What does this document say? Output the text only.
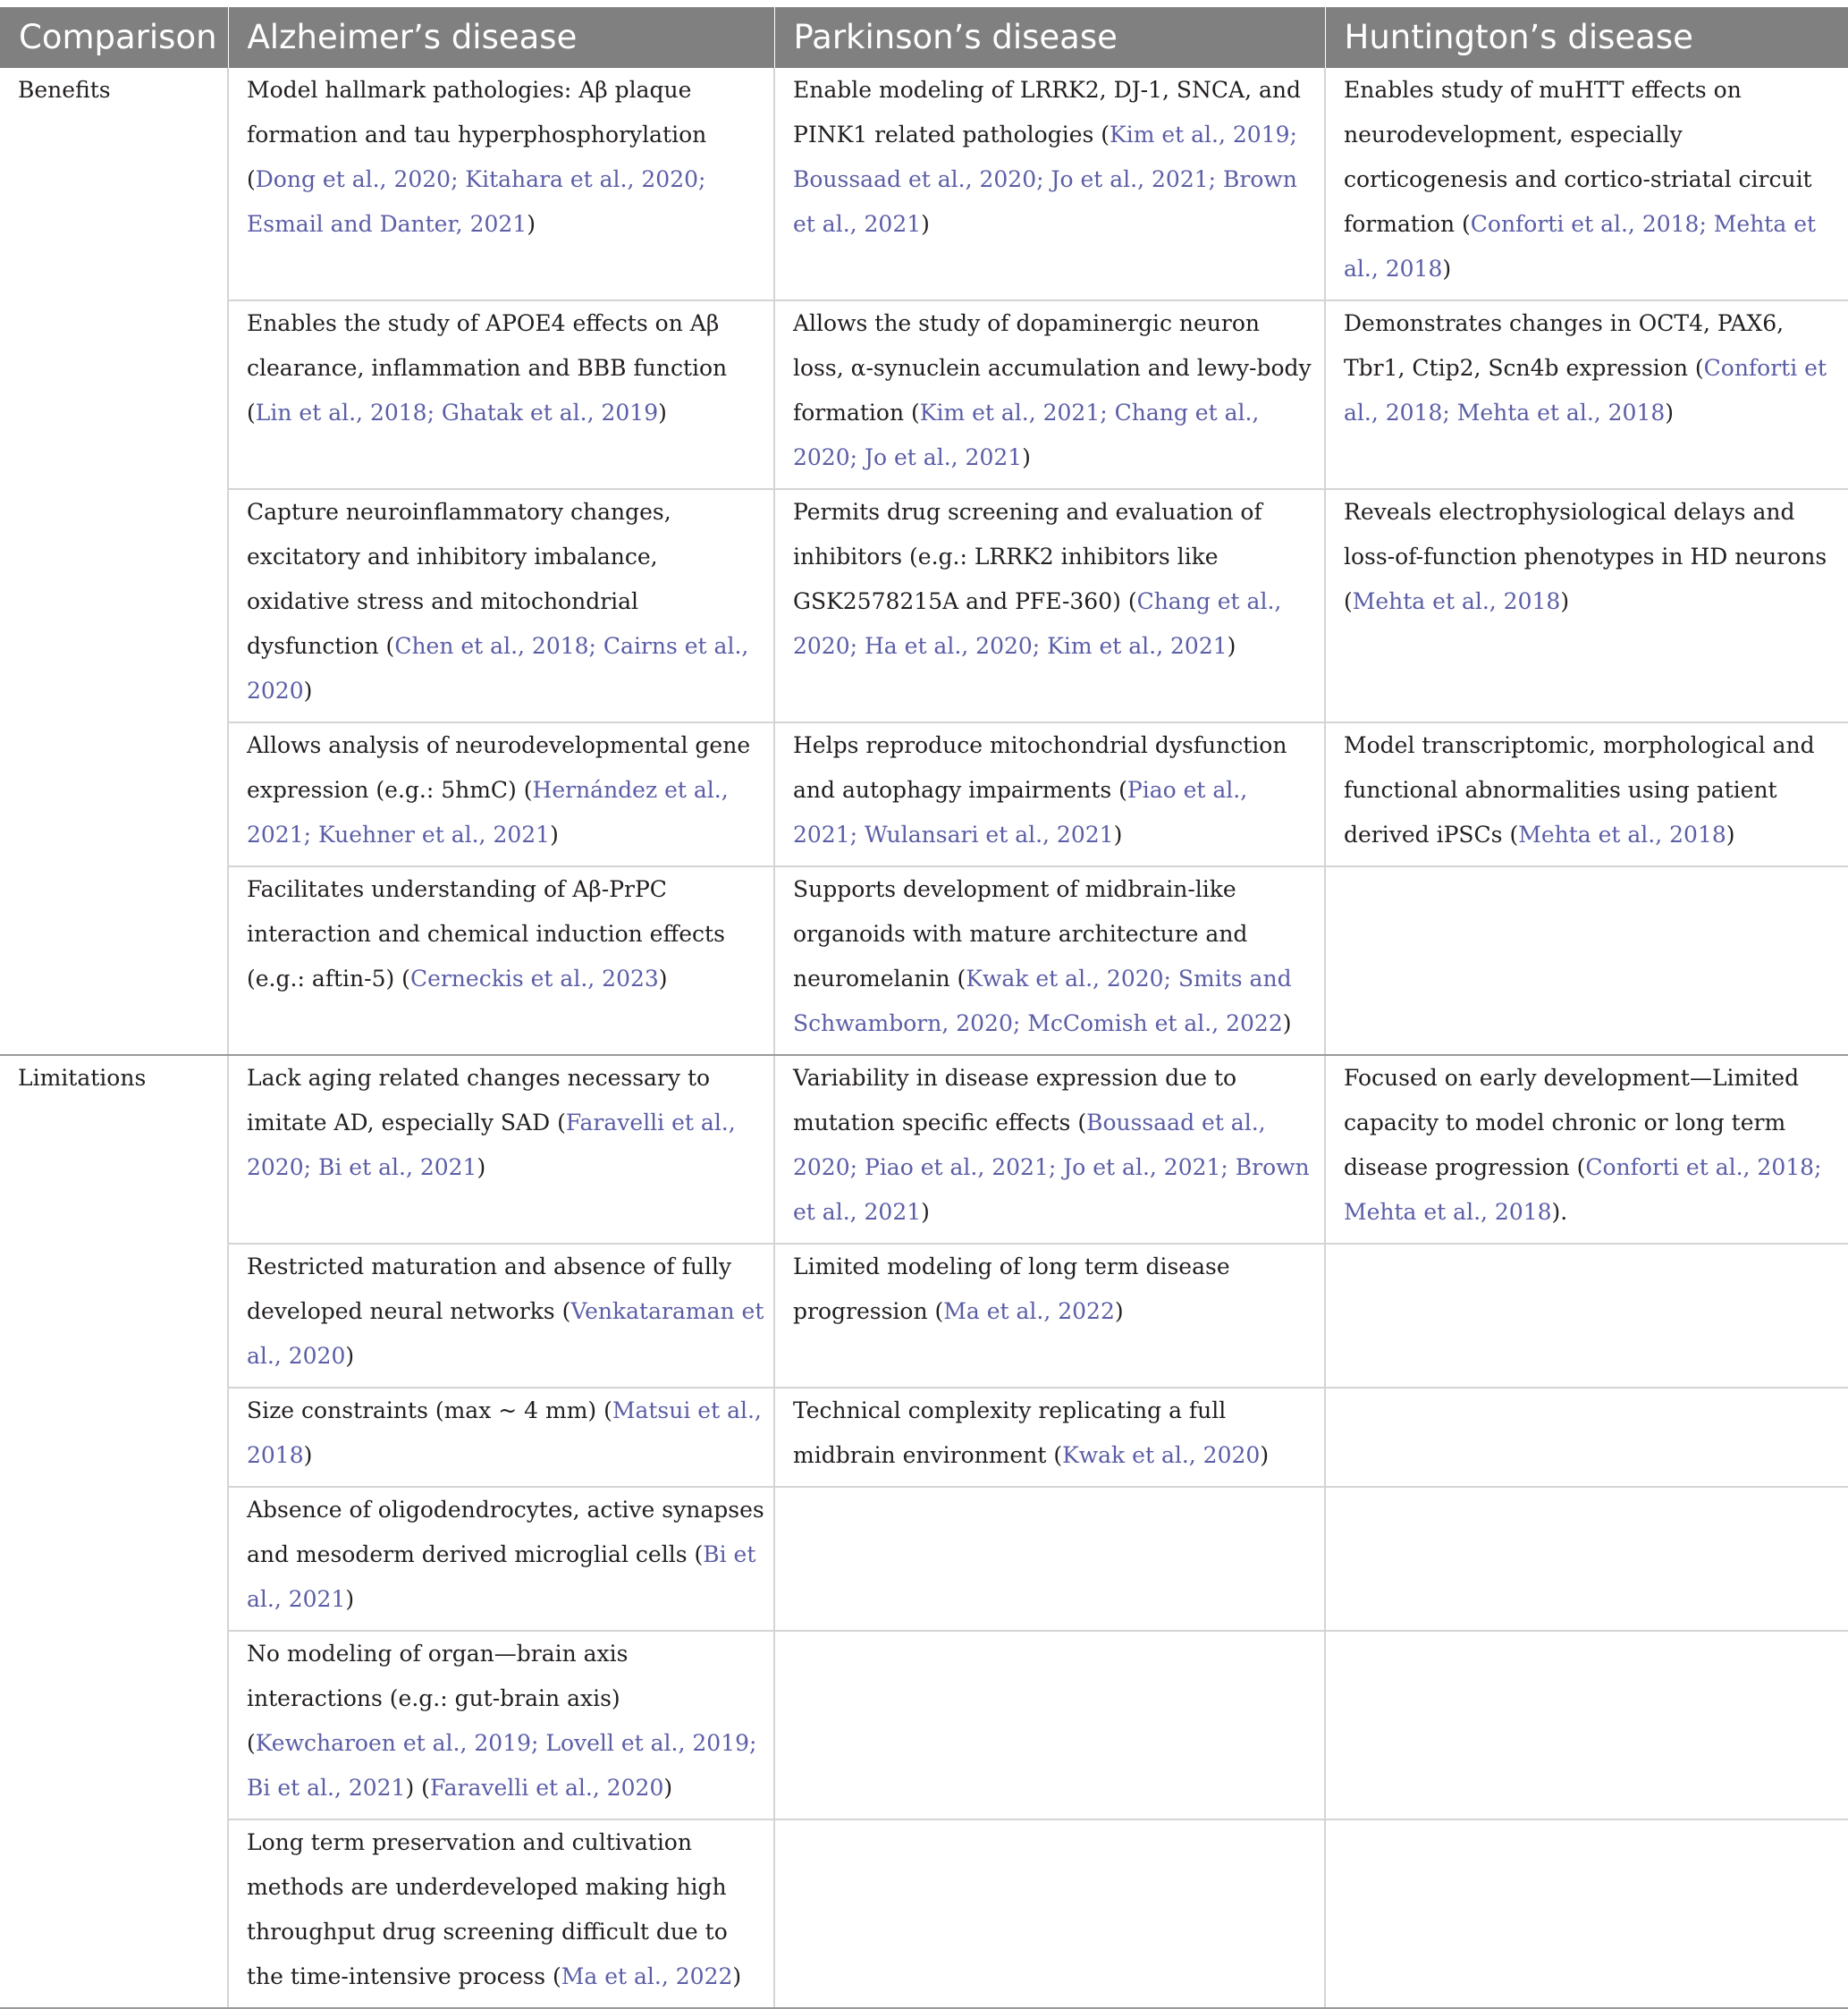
Comparison	Alzheimer’s disease	Parkinson’s disease	Huntington’s disease
Benefits	Model hallmark pathologies: Aβ plaque formation and tau hyperphosphorylation (Dong et al., 2020; Kitahara et al., 2020; Esmail and Danter, 2021)	Enable modeling of LRRK2, DJ-1, SNCA, and PINK1 related pathologies (Kim et al., 2019; Boussaad et al., 2020; Jo et al., 2021; Brown et al., 2021)	Enables study of muHTT effects on neurodevelopment, especially corticogenesis and cortico-striatal circuit formation (Conforti et al., 2018; Mehta et al., 2018)
	Enables the study of APOE4 effects on Aβ clearance, inflammation and BBB function (Lin et al., 2018; Ghatak et al., 2019)	Allows the study of dopaminergic neuron loss, α-synuclein accumulation and lewy-body formation (Kim et al., 2021; Chang et al., 2020; Jo et al., 2021)	Demonstrates changes in OCT4, PAX6, Tbr1, Ctip2, Scn4b expression (Conforti et al., 2018; Mehta et al., 2018)
	Capture neuroinflammatory changes, excitatory and inhibitory imbalance, oxidative stress and mitochondrial dysfunction (Chen et al., 2018; Cairns et al., 2020)	Permits drug screening and evaluation of inhibitors (e.g.: LRRK2 inhibitors like GSK2578215A and PFE-360) (Chang et al., 2020; Ha et al., 2020; Kim et al., 2021)	Reveals electrophysiological delays and loss-of-function phenotypes in HD neurons (Mehta et al., 2018)
	Allows analysis of neurodevelopmental gene expression (e.g.: 5hmC) (Hernández et al., 2021; Kuehner et al., 2021)	Helps reproduce mitochondrial dysfunction and autophagy impairments (Piao et al., 2021; Wulansari et al., 2021)	Model transcriptomic, morphological and functional abnormalities using patient derived iPSCs (Mehta et al., 2018)
	Facilitates understanding of Aβ-PrPC interaction and chemical induction effects (e.g.: aftin-5) (Cerneckis et al., 2023)	Supports development of midbrain-like organoids with mature architecture and neuromelanin (Kwak et al., 2020; Smits and Schwamborn, 2020; McComish et al., 2022)	
Limitations	Lack aging related changes necessary to imitate AD, especially SAD (Faravelli et al., 2020; Bi et al., 2021)	Variability in disease expression due to mutation specific effects (Boussaad et al., 2020; Piao et al., 2021; Jo et al., 2021; Brown et al., 2021)	Focused on early development—Limited capacity to model chronic or long term disease progression (Conforti et al., 2018; Mehta et al., 2018).
	Restricted maturation and absence of fully developed neural networks (Venkataraman et al., 2020)	Limited modeling of long term disease progression (Ma et al., 2022)	
	Size constraints (max ~ 4 mm) (Matsui et al., 2018)	Technical complexity replicating a full midbrain environment (Kwak et al., 2020)	
	Absence of oligodendrocytes, active synapses and mesoderm derived microglial cells (Bi et al., 2021)		
	No modeling of organ—brain axis interactions (e.g.: gut-brain axis) (Kewcharoen et al., 2019; Lovell et al., 2019; Bi et al., 2021) (Faravelli et al., 2020)		
	Long term preservation and cultivation methods are underdeveloped making high throughput drug screening difficult due to the time-intensive process (Ma et al., 2022)		
